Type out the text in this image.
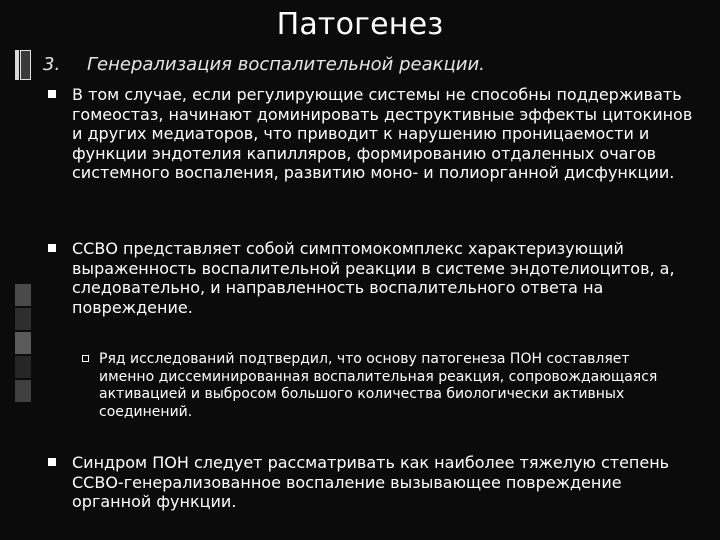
Патогенез
3. Генерализация воспалительной реакции.
В том случае, если регулирующие системы не способны поддерживать гомеостаз, начинают доминировать деструктивные эффекты цитокинов и других медиаторов, что приводит к нарушению проницаемости и функции эндотелия капилляров, формированию отдаленных очагов системного воспаления, развитию моно- и полиорганной дисфункции.
ССВО представляет собой симптомокомплекс характеризующий выраженность воспалительной реакции в системе эндотелиоцитов, а, следовательно, и направленность воспалительного ответа на повреждение.
Ряд исследований подтвердил, что основу патогенеза ПОН составляет именно диссеминированная воспалительная реакция, сопровождающаяся активацией и выбросом большого количества биологически активных соединений.
Синдром ПОН следует рассматривать как наиболее тяжелую степень ССВО-генерализованное воспаление вызывающее повреждение органной функции.
